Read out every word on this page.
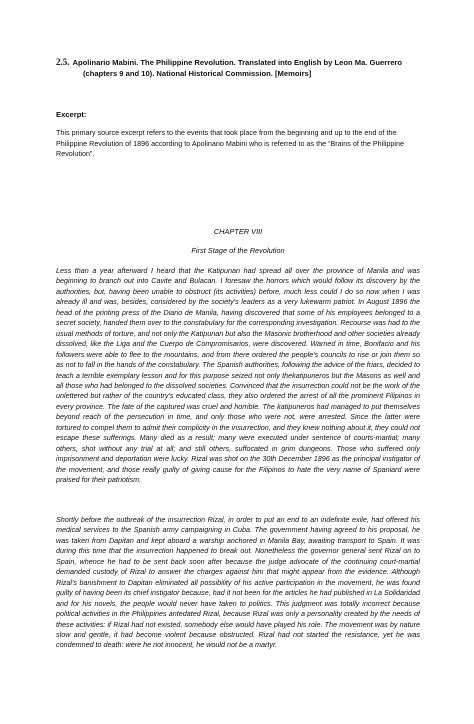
2.5. Apolinario Mabini. The Philippine Revolution. Translated into English by Leon Ma. Guerrero
(chapters 9 and 10). National Historical Commission. [Memoirs]
Excerpt:

This primary source excerpt refers to the events that took place from the beginning and up to the end of the Philippine Revolution of 1896 according to Apolinario Mabini who is referred to as the “Brains of the Philippine Revolution”.

CHAPTER VIII
First Stage of the Revolution

Less than a year afterward I heard that the Katipunan had spread all over the province of Manila and was beginning to branch out into Cavite and Bulacan. I foresaw the horrors which would follow its discovery by the authorities, but, having been unable to obstruct (its activities) before, much less could I do so now when I was already ill and was, besides, considered by the society's leaders as a very lukewarm patriot. In August 1896 the head of the printing press of the Diario de Manila, having discovered that some of his employees belonged to a secret society, handed them over to the constabulary for the corresponding investigation. Recourse was had to the usual methods of torture, and not only the Katipunan but also the Masonic brotherhood and other societies already dissolved, like the Liga and the Cuerpo de Compromisarios, were discovered. Warned in time, Bonifacio and his followers were able to flee to the mountains, and from there ordered the people's councils to rise or join them so as not to fall in the hands of the constabulary. The Spanish authorities, following the advice of the friars, decided to teach a terrible exemplary lesson and for this purpose seized not only thekatipuneros but the Masons as well and all those who had belonged to the dissolved societies. Convinced that the insurrection could not be the work of the unlettered but rather of the country's educated class, they also ordered the arrest of all the prominent Filipinos in every province. The fate of the captured was cruel and horrible. The katipuneros had managed to put themselves beyond reach of the persecution in time, and only those who were not, were arrested. Since the latter were tortured to compel them to admit their complicity in the insurrection, and they knew nothing about it, they could not escape these sufferings. Many died as a result; many were executed under sentence of courts-martial; many others, shot without any trial at all; and still others, suffocated in grim dungeons. Those who suffered only imprisonment and deportation were lucky. Rizal was shot on the 30th December 1896 as the principal instigator of the movement, and those really guilty of giving cause for the Filipinos to hate the very name of Spaniard were praised for their patriotism.

Shortly before the outbreak of the insurrection Rizal, in order to put an end to an indefinite exile, had offered his medical services to the Spanish army campaigning in Cuba. The government having agreed to his proposal, he was taken from Dapitan and kept aboard a warship anchored in Manila Bay, awaiting transport to Spain. It was during this time that the insurrection happened to break out. Nonetheless the governor general sent Rizal on to Spain, whence he had to be sent back soon after because the judge advocate of the continuing court-martial demanded custody of Rizal to answer the charges against him that might appear from the evidence. Although Rizal's banishment to Dapitan eliminated all possibility of his active participation in the movement, he was found guilty of having been its chief instigator because, had it not been for the articles he had published in La Solidaridad and for his novels, the people would never have taken to politics. This judgment was totally incorrect because political activities in the Philippines antedated Rizal, because Rizal was only a personality created by the needs of these activities: if Rizal had not existed, somebody else would have played his role. The movement was by nature slow and gentle, it had become violent because obstructed. Rizal had not started the resistance, yet he was condemned to death: were he not innocent, he would not be a martyr.
